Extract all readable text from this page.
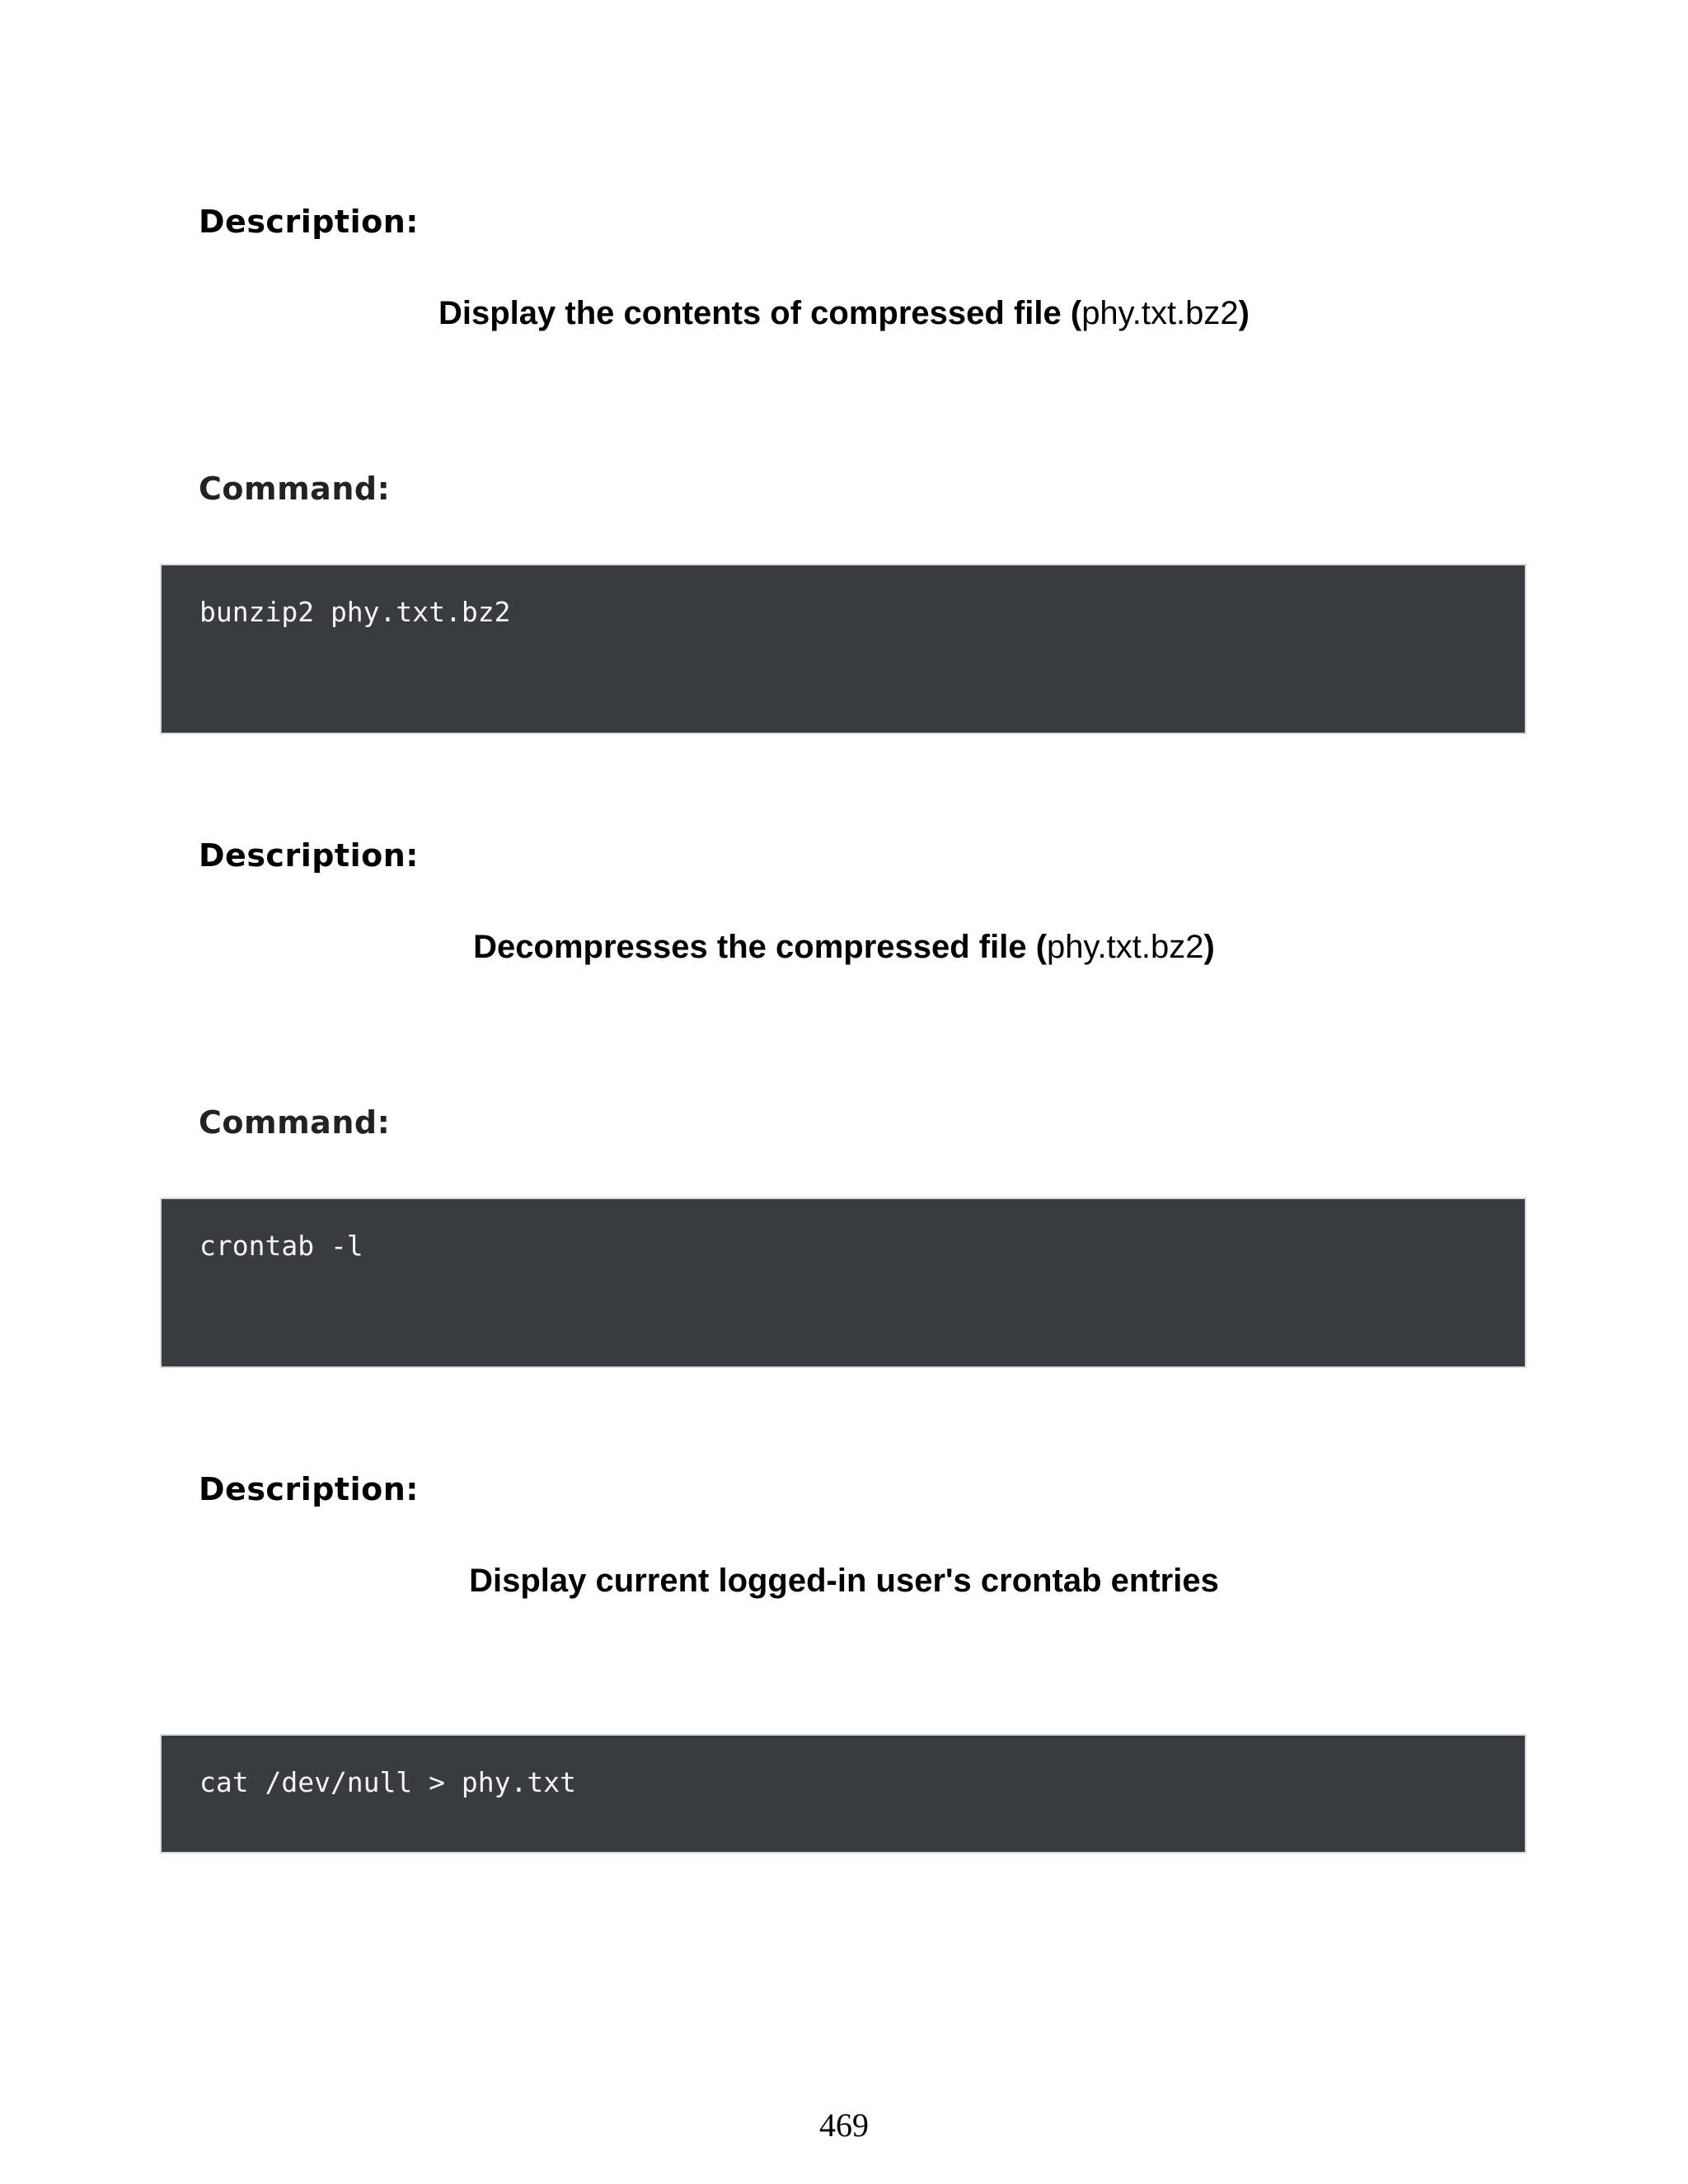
Description:

Display the contents of compressed file (phy.txt.bz2)

Command:
bunzip2 phy.txt.bz2
Description:

Decompresses the compressed file (phy.txt.bz2)

Command:
crontab -l
Description:

Display current logged-in user's crontab entries

cat /dev/null > phy.txt

469
